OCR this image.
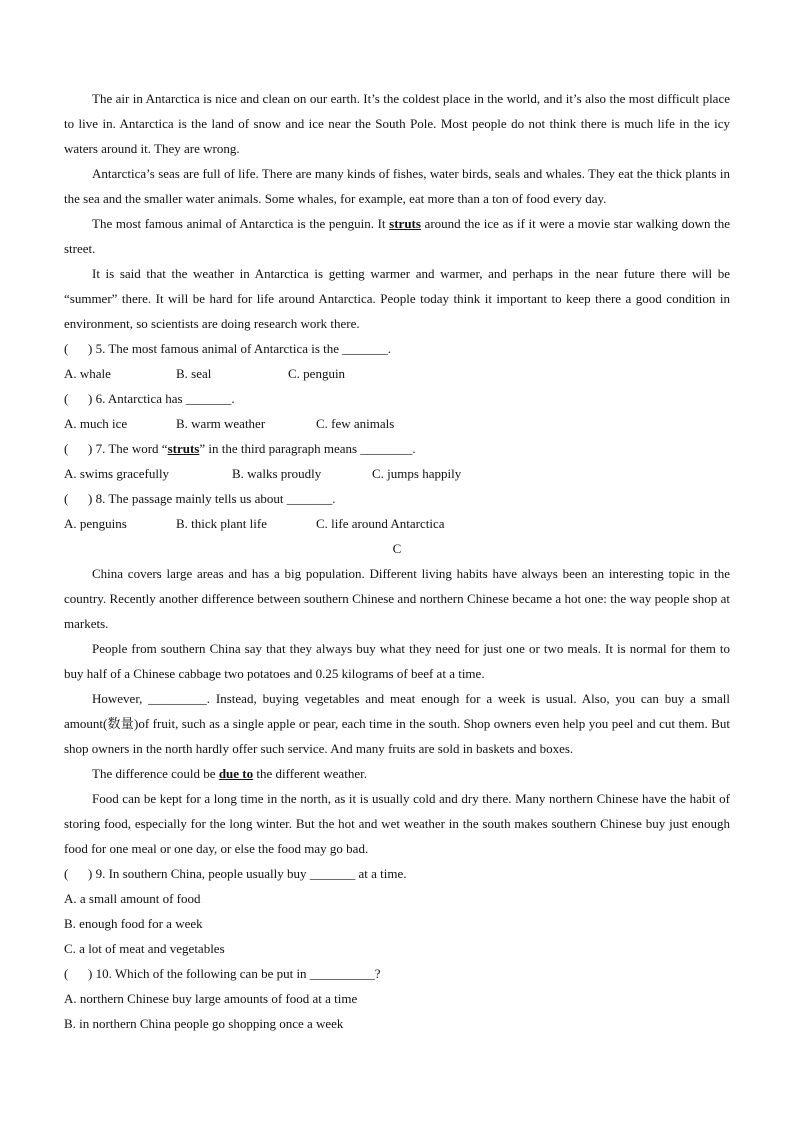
The air in Antarctica is nice and clean on our earth. It’s the coldest place in the world, and it’s also the most difficult place to live in. Antarctica is the land of snow and ice near the South Pole. Most people do not think there is much life in the icy waters around it. They are wrong.

Antarctica’s seas are full of life. There are many kinds of fishes, water birds, seals and whales. They eat the thick plants in the sea and the smaller water animals. Some whales, for example, eat more than a ton of food every day.

The most famous animal of Antarctica is the penguin. It struts around the ice as if it were a movie star walking down the street.

It is said that the weather in Antarctica is getting warmer and warmer, and perhaps in the near future there will be “summer” there. It will be hard for life around Antarctica. People today think it important to keep there a good condition in environment, so scientists are doing research work there.

( ) 5. The most famous animal of Antarctica is the _______.

A. whale	B. seal	C. penguin

( ) 6. Antarctica has _______.

A. much ice	B. warm weather	C. few animals

( ) 7. The word “struts” in the third paragraph means ________.

A. swims gracefully	B. walks proudly	C. jumps happily

( ) 8. The passage mainly tells us about _______.

A. penguins	B. thick plant life	C. life around Antarctica

C

China covers large areas and has a big population. Different living habits have always been an interesting topic in the country. Recently another difference between southern Chinese and northern Chinese became a hot one: the way people shop at markets.

People from southern China say that they always buy what they need for just one or two meals. It is normal for them to buy half of a Chinese cabbage two potatoes and 0.25 kilograms of beef at a time.

However, _________. Instead, buying vegetables and meat enough for a week is usual. Also, you can buy a small amount(数量)of fruit, such as a single apple or pear, each time in the south. Shop owners even help you peel and cut them. But shop owners in the north hardly offer such service. And many fruits are sold in baskets and boxes.

The difference could be due to the different weather.

Food can be kept for a long time in the north, as it is usually cold and dry there. Many northern Chinese have the habit of storing food, especially for the long winter. But the hot and wet weather in the south makes southern Chinese buy just enough food for one meal or one day, or else the food may go bad.

( ) 9. In southern China, people usually buy _______ at a time.

A. a small amount of food

B. enough food for a week

C. a lot of meat and vegetables

( ) 10. Which of the following can be put in __________?

A. northern Chinese buy large amounts of food at a time

B. in northern China people go shopping once a week
